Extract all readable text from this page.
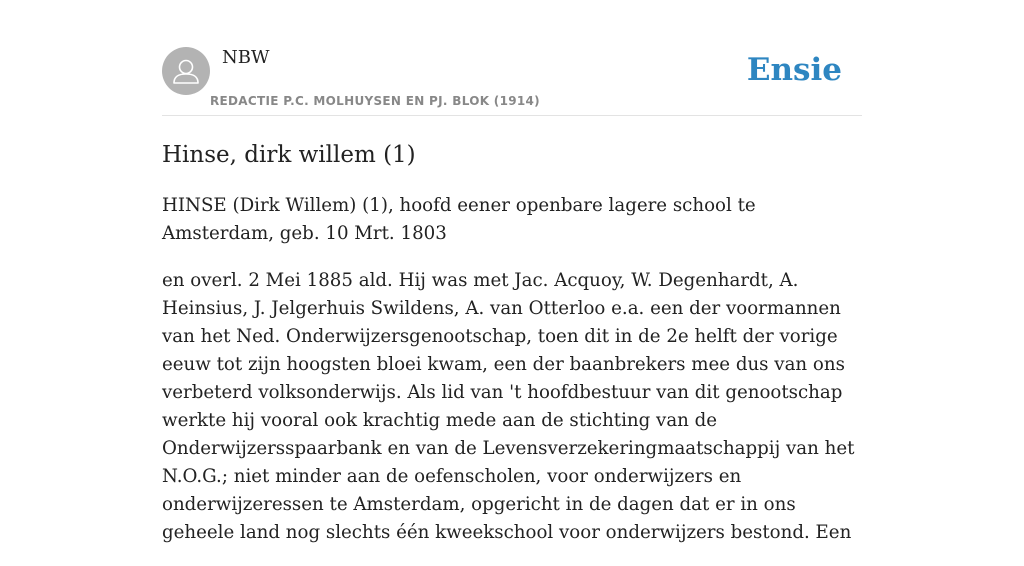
NBW
REDACTIE P.C. MOLHUYSEN EN PJ. BLOK (1914)
Ensie
Hinse, dirk willem (1)

HINSE (Dirk Willem) (1), hoofd eener openbare lagere school te Amsterdam, geb. 10 Mrt. 1803

en overl. 2 Mei 1885 ald. Hij was met Jac. Acquoy, W. Degenhardt, A. Heinsius, J. Jelgerhuis Swildens, A. van Otterloo e.a. een der voormannen van het Ned. Onderwijzersgenootschap, toen dit in de 2e helft der vorige eeuw tot zijn hoogsten bloei kwam, een der baanbrekers mee dus van ons verbeterd volksonderwijs. Als lid van 't hoofdbestuur van dit genootschap werkte hij vooral ook krachtig mede aan de stichting van de Onderwijzersspaarbank en van de Levensverzekeringmaatschappij van het N.O.G.; niet minder aan de oefenscholen, voor onderwijzers en onderwijzeressen te Amsterdam, opgericht in de dagen dat er in ons geheele land nog slechts één kweekschool voor onderwijzers bestond. Een
